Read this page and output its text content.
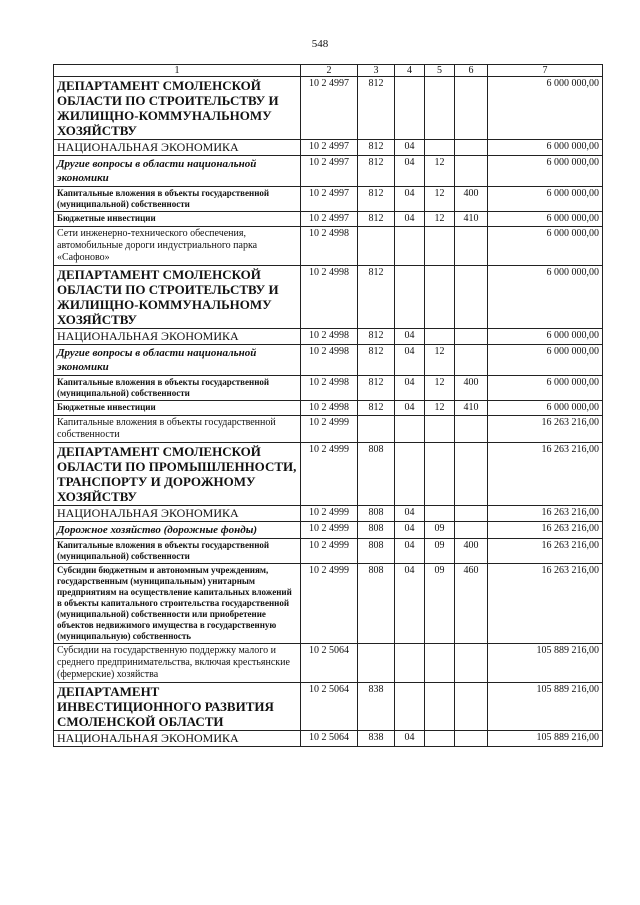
548
1	2	3	4	5	6	7
ДЕПАРТАМЕНТ СМОЛЕНСКОЙ ОБЛАСТИ ПО СТРОИТЕЛЬСТВУ И ЖИЛИЩНО-КОММУНАЛЬНОМУ ХОЗЯЙСТВУ	10 2 4997	812				6 000 000,00
НАЦИОНАЛЬНАЯ ЭКОНОМИКА	10 2 4997	812	04			6 000 000,00
Другие вопросы в области национальной экономики	10 2 4997	812	04	12		6 000 000,00
Капитальные вложения в объекты государственной (муниципальной) собственности	10 2 4997	812	04	12	400	6 000 000,00
Бюджетные инвестиции	10 2 4997	812	04	12	410	6 000 000,00
Сети инженерно-технического обеспечения, автомобильные дороги индустриального парка «Сафоново»	10 2 4998					6 000 000,00
ДЕПАРТАМЕНТ СМОЛЕНСКОЙ ОБЛАСТИ ПО СТРОИТЕЛЬСТВУ И ЖИЛИЩНО-КОММУНАЛЬНОМУ ХОЗЯЙСТВУ	10 2 4998	812				6 000 000,00
НАЦИОНАЛЬНАЯ ЭКОНОМИКА	10 2 4998	812	04			6 000 000,00
Другие вопросы в области национальной экономики	10 2 4998	812	04	12		6 000 000,00
Капитальные вложения в объекты государственной (муниципальной) собственности	10 2 4998	812	04	12	400	6 000 000,00
Бюджетные инвестиции	10 2 4998	812	04	12	410	6 000 000,00
Капитальные вложения в объекты государственной собственности	10 2 4999					16 263 216,00
ДЕПАРТАМЕНТ СМОЛЕНСКОЙ ОБЛАСТИ ПО ПРОМЫШЛЕННОСТИ, ТРАНСПОРТУ И ДОРОЖНОМУ ХОЗЯЙСТВУ	10 2 4999	808				16 263 216,00
НАЦИОНАЛЬНАЯ ЭКОНОМИКА	10 2 4999	808	04			16 263 216,00
Дорожное хозяйство (дорожные фонды)	10 2 4999	808	04	09		16 263 216,00
Капитальные вложения в объекты государственной (муниципальной) собственности	10 2 4999	808	04	09	400	16 263 216,00
Субсидии бюджетным и автономным учреждениям, государственным (муниципальным) унитарным предприятиям на осуществление капитальных вложений в объекты капитального строительства государственной (муниципальной) собственности или приобретение объектов недвижимого имущества в государственную (муниципальную) собственность	10 2 4999	808	04	09	460	16 263 216,00
Субсидии на государственную поддержку малого и среднего предпринимательства, включая крестьянские (фермерские) хозяйства	10 2 5064					105 889 216,00
ДЕПАРТАМЕНТ ИНВЕСТИЦИОННОГО РАЗВИТИЯ СМОЛЕНСКОЙ ОБЛАСТИ	10 2 5064	838				105 889 216,00
НАЦИОНАЛЬНАЯ ЭКОНОМИКА	10 2 5064	838	04			105 889 216,00
